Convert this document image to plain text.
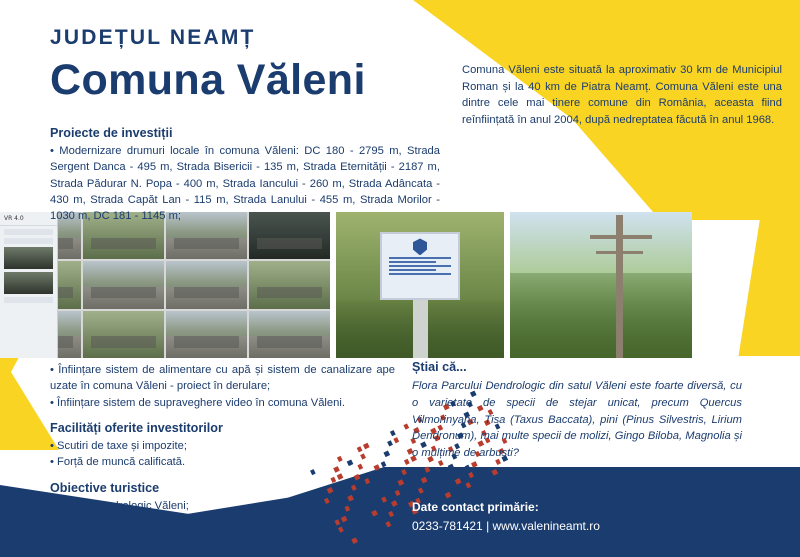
JUDEȚUL NEAMȚ
Comuna Văleni	Comuna Văleni este situată la aproximativ 30 km de Municipiul Roman și la 40 km de Piatra Neamț. Comuna Văleni este una dintre cele mai tinere comune din România, aceasta fiind reînființată în anul 2004, după nedreptatea făcută în anul 1968.
Proiecte de investiții
• Modernizare drumuri locale în comuna Văleni: DC 180 - 2795 m, Strada Sergent Danca - 495 m, Strada Bisericii - 135 m, Strada Eternității - 2187 m, Strada Pădurar N. Popa - 400 m, Strada Iancului - 260 m, Strada Adâncata - 430 m, Strada Capăt Lan - 115 m, Strada Lanului - 455 m, Strada Morilor - 1030 m, DC 181 - 1145 m;
VR 4.0
• Înființare sistem de alimentare cu apă și sistem de canalizare ape uzate în comuna Văleni - proiect în derulare;
• Înființare sistem de supraveghere video în comuna Văleni.
Facilități oferite investitorilor
• Scutiri de taxe și impozite;
• Forță de muncă calificată.
Obiective turistice
• Parcul Dendrologic Văleni;
• Ansamblul bisericii "Sf. Patruzeci de Mucenici" Văleni;
• Situl arheologic necropola dacică din sec. I-II.
Știai că...
Flora Parcului Dendrologic din satul Văleni este foarte diversă, cu o varietate de specii de stejar unicat, precum Quercus Vilmorinyana, Tisa (Taxus Baccata), pini (Pinus Silvestris, Lirium Dendronum), mai multe specii de molizi, Gingo Biloba, Magnolia și o mulțime de arbuști?
Date contact primărie:
0233-781421 | www.valenineamt.ro
